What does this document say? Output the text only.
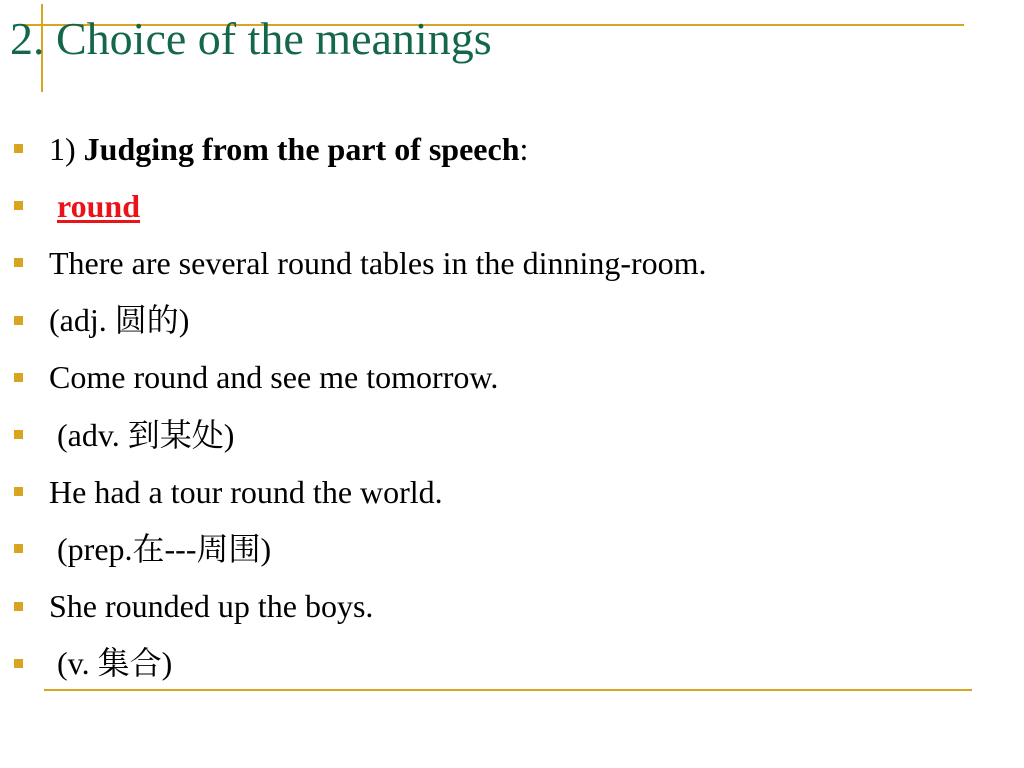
2. Choice of the meanings
1) Judging from the part of speech:
round
There are several round tables in the dinning-room.
(adj. 圆的)
Come round and see me tomorrow.
(adv. 到某处)
He had a tour round the world.
(prep.在---周围)
She rounded up the boys.
(v. 集合)
